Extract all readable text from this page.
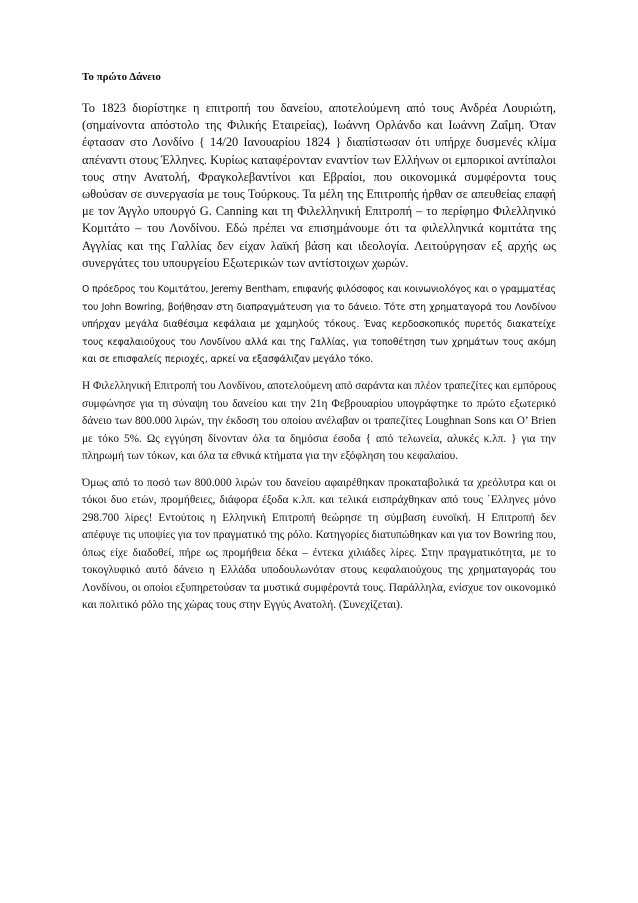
Το πρώτο Δάνειο

Το 1823 διορίστηκε η επιτροπή του δανείου, αποτελούμενη από τους Ανδρέα Λουριώτη, (σημαίνοντα απόστολο της Φιλικής Εταιρείας), Ιωάννη Ορλάνδο και Ιωάννη Ζαΐμη. Όταν έφτασαν στο Λονδίνο { 14/20 Ιανουαρίου 1824 } διαπίστωσαν ότι υπήρχε δυσμενές κλίμα απέναντι στους Έλληνες. Κυρίως καταφέρονταν εναντίον των Ελλήνων οι εμπορικοί αντίπαλοι τους στην Ανατολή, Φραγκολεβαντίνοι και Εβραίοι, που οικονομικά συμφέροντα τους ωθούσαν σε συνεργασία με τους Τούρκους. Τα μέλη της Επιτροπής ήρθαν σε απευθείας επαφή με τον Άγγλο υπουργό G. Canning και τη Φιλελληνική Επιτροπή – το περίφημο Φιλελληνικό Κομιτάτο – του Λονδίνου. Εδώ πρέπει να επισημάνουμε ότι τα φιλελληνικά κομιτάτα της Αγγλίας και της Γαλλίας δεν είχαν λαϊκή βάση και ιδεολογία. Λειτούργησαν εξ αρχής ως συνεργάτες του υπουργείου Εξωτερικών των αντίστοιχων χωρών.

Ο πρόεδρος του Κομιτάτου, Jeremy Bentham, επιφανής φιλόσοφος και κοινωνιολόγος και ο γραμματέας του John Bowring, βοήθησαν στη διαπραγμάτευση για το δάνειο. Τότε στη χρηματαγορά του Λονδίνου υπήρχαν μεγάλα διαθέσιμα κεφάλαια με χαμηλούς τόκους. Ένας κερδοσκοπικός πυρετός διακατείχε τους κεφαλαιούχους του Λονδίνου αλλά και της Γαλλίας, για τοποθέτηση των χρημάτων τους ακόμη και σε επισφαλείς περιοχές, αρκεί να εξασφάλιζαν μεγάλο τόκο.

Η Φιλελληνική Επιτροπή του Λονδίνου, αποτελούμενη από σαράντα και πλέον τραπεζίτες και εμπόρους συμφώνησε για τη σύναψη του δανείου και την 21η Φεβρουαρίου υπογράφτηκε το πρώτο εξωτερικό δάνειο των 800.000 λιρών, την έκδοση του οποίου ανέλαβαν οι τραπεζίτες Loughnan Sons και O’ Brien με τόκο 5%. Ως εγγύηση δίνονταν όλα τα δημόσια έσοδα { από τελωνεία, αλυκές κ.λπ. } για την πληρωμή των τόκων, και όλα τα εθνικά κτήματα για την εξόφληση του κεφαλαίου.

Όμως από το ποσό των 800.000 λιρών του δανείου αφαιρέθηκαν προκαταβολικά τα χρεόλυτρα και οι τόκοι δυο ετών, προμήθειες, διάφορα έξοδα κ.λπ. και τελικά εισπράχθηκαν από τους ΄Ελληνες μόνο 298.700 λίρες! Εντούτοις η Ελληνική Επιτροπή θεώρησε τη σύμβαση ευνοϊκή. Η Επιτροπή δεν απέφυγε τις υποψίες για τον πραγματικό της ρόλο. Κατηγορίες διατυπώθηκαν και για τον Bowring που, όπως είχε διαδοθεί, πήρε ως προμήθεια δέκα – έντεκα χιλιάδες λίρες. Στην πραγματικότητα, με το τοκογλυφικό αυτό δάνειο η Ελλάδα υποδουλωνόταν στους κεφαλαιούχους της χρηματαγοράς του Λονδίνου, οι οποίοι εξυπηρετούσαν τα μυστικά συμφέροντά τους. Παράλληλα, ενίσχυε τον οικονομικό και πολιτικό ρόλο της χώρας τους στην Εγγύς Ανατολή. (Συνεχίζεται).
